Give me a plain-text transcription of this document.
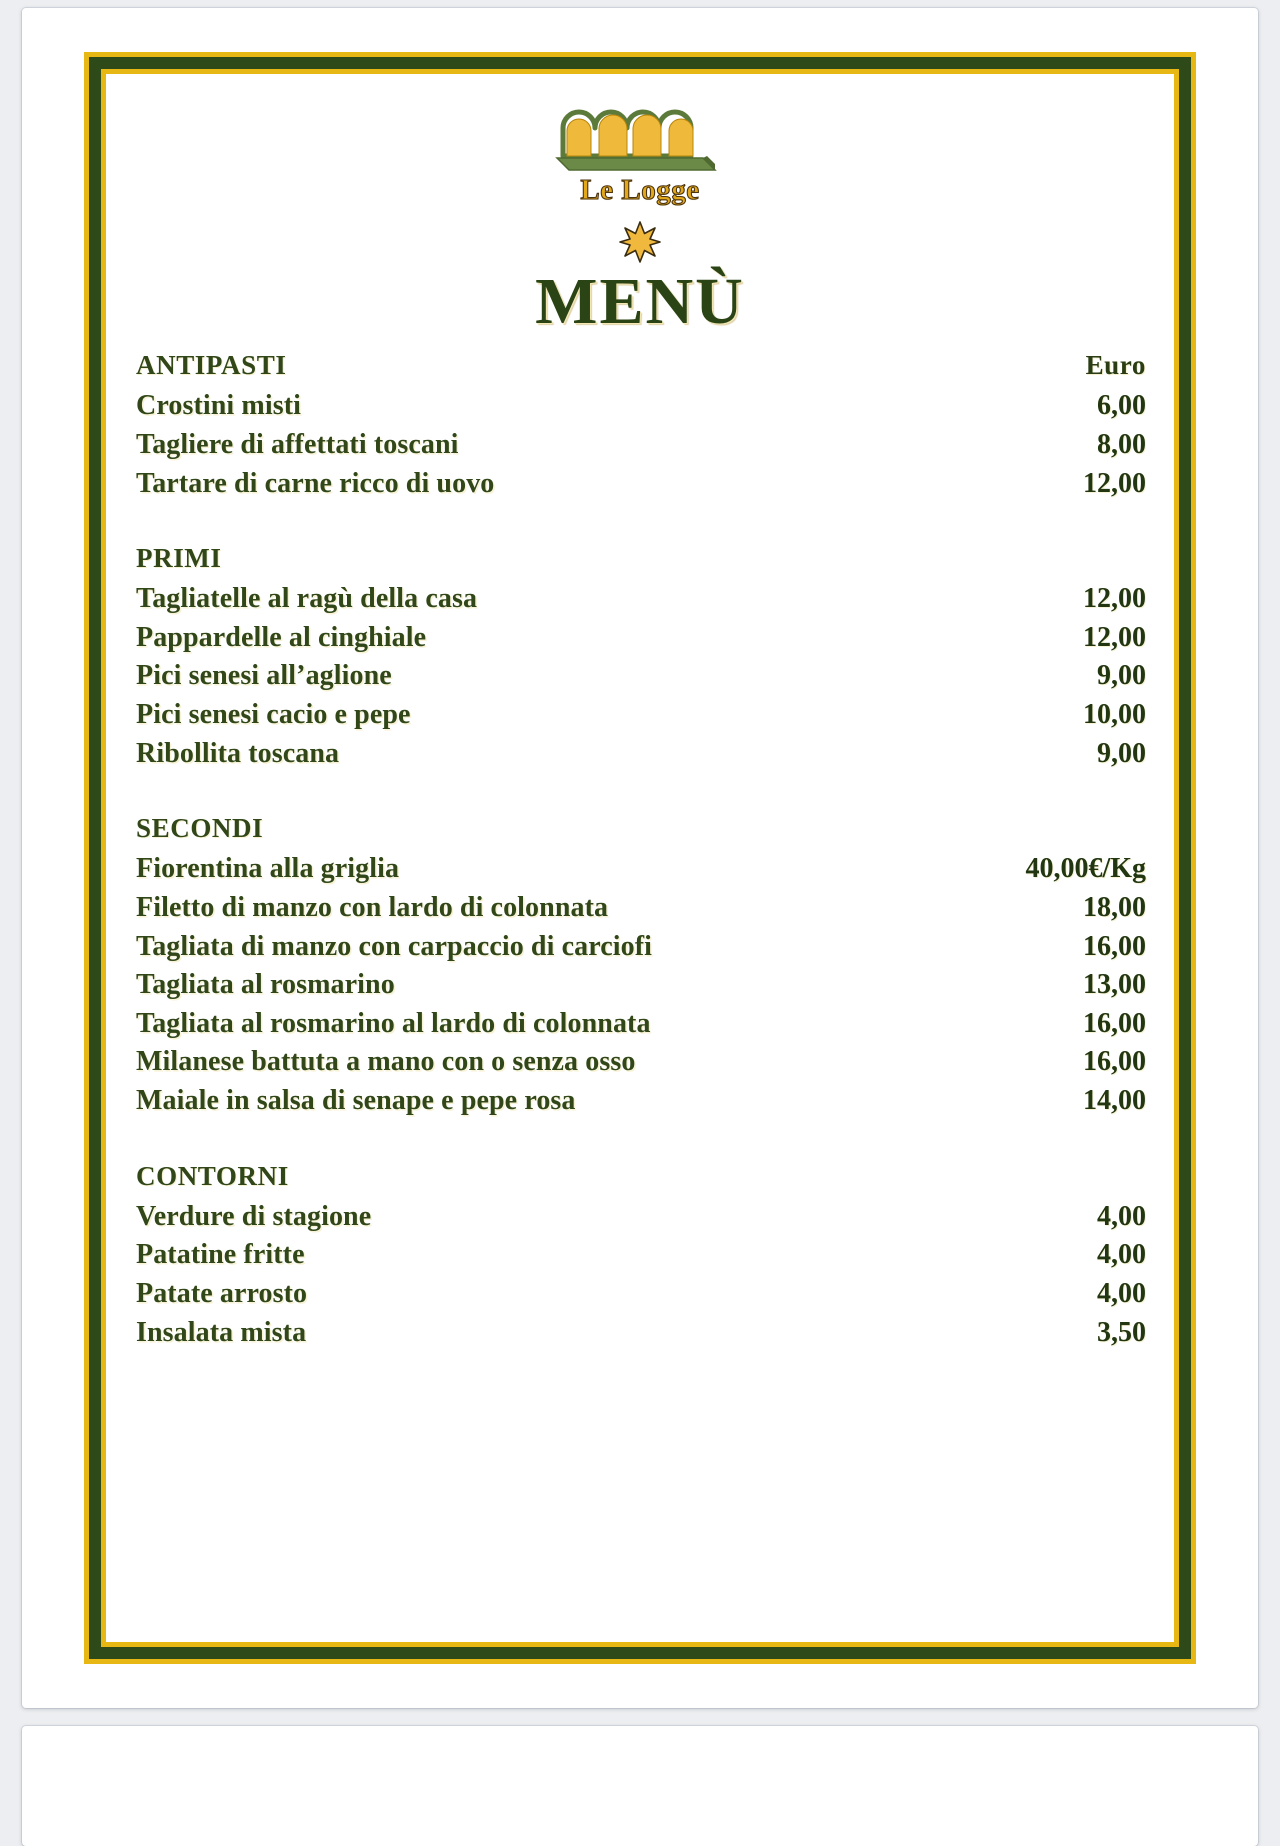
Le Logge
MENÙ
ANTIPASTI	Euro
Crostini misti	6,00
Tagliere di affettati toscani	8,00
Tartare di carne ricco di uovo	12,00
PRIMI
Tagliatelle al ragù della casa	12,00
Pappardelle al cinghiale	12,00
Pici senesi all’aglione	9,00
Pici senesi cacio e pepe	10,00
Ribollita toscana	9,00
SECONDI
Fiorentina alla griglia	40,00€/Kg
Filetto di manzo con lardo di colonnata	18,00
Tagliata di manzo con carpaccio di carciofi	16,00
Tagliata al rosmarino	13,00
Tagliata al rosmarino al lardo di colonnata	16,00
Milanese battuta a mano con o senza osso	16,00
Maiale in salsa di senape e pepe rosa	14,00
CONTORNI
Verdure di stagione	4,00
Patatine fritte	4,00
Patate arrosto	4,00
Insalata mista	3,50
